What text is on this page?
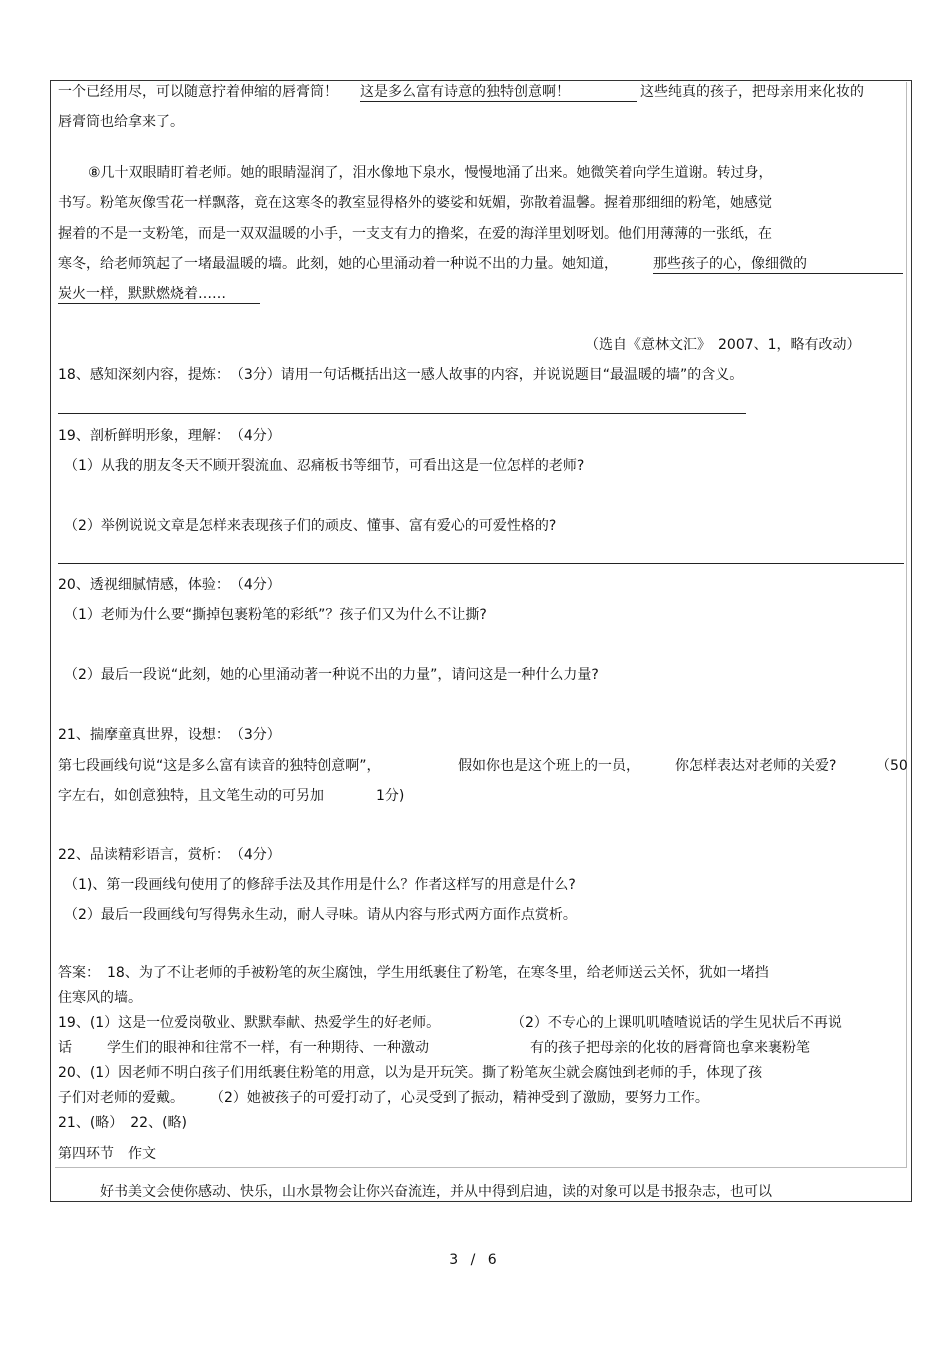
一个已经用尽，可以随意拧着伸缩的唇膏筒！ 这是多么富有诗意的独特创意啊！	这些纯真的孩子，把母亲用来化妆的
唇膏筒也给拿来了。
⑧几十双眼睛盯着老师。她的眼睛湿润了，泪水像地下泉水，慢慢地涌了出来。她微笑着向学生道谢。转过身，
书写。粉笔灰像雪花一样飘落，竟在这寒冬的教室显得格外的婆娑和妩媚，弥散着温馨。握着那细细的粉笔，她感觉
握着的不是一支粉笔，而是一双双温暖的小手，一支支有力的撸桨，在爱的海洋里划呀划。他们用薄薄的一张纸，在
寒冬，给老师筑起了一堵最温暖的墙。此刻，她的心里涌动着一种说不出的力量。她知道，	那些孩子的心，像细微的
炭火一样，默默燃烧着……
（选自《意林文汇》　2007、1，略有改动）
18、感知深刻内容，提炼：　（3分）请用一句话概括出这一感人故事的内容，并说说题目“最温暖的墙”的含义。
19、剖析鲜明形象，理解：　（4分）
（1）从我的朋友冬天不顾开裂流血、忍痛板书等细节，可看出这是一位怎样的老师?
（2）举例说说文章是怎样来表现孩子们的顽皮、懂事、富有爱心的可爱性格的?
20、透视细腻情感，体验：　（4分）
（1）老师为什么要“撕掉包裹粉笔的彩纸”？孩子们又为什么不让撕?
（2）最后一段说“此刻，她的心里涌动著一种说不出的力量”，请问这是一种什么力量?
21、揣摩童真世界，设想：　（3分）
第七段画线句说“这是多么富有读音的独特创意啊”，	假如你也是这个班上的一员，	你怎样表达对老师的关爱?	（50
字左右，如创意独特，且文笔生动的可另加	1分)
22、品读精彩语言，赏析：　（4分）
（1)、第一段画线句使用了的修辞手法及其作用是什么？作者这样写的用意是什么?
（2）最后一段画线句写得隽永生动，耐人寻味。请从内容与形式两方面作点赏析。
答案：　18、为了不让老师的手被粉笔的灰尘腐蚀，学生用纸裹住了粉笔，在寒冬里，给老师送云关怀，犹如一堵挡
住寒风的墙。
19、(1）这是一位爱岗敬业、默默奉献、热爱学生的好老师。	（2）不专心的上课叽叽喳喳说话的学生见状后不再说
话	学生们的眼神和往常不一样，有一种期待、一种激动	有的孩子把母亲的化妆的唇膏筒也拿来裹粉笔
20、(1）因老师不明白孩子们用纸裹住粉笔的用意，以为是开玩笑。撕了粉笔灰尘就会腐蚀到老师的手，体现了孩
子们对老师的爱戴。 （2）她被孩子的可爱打动了，心灵受到了振动，精神受到了激励，要努力工作。
21、(略）　22、(略)
第四环节　作文
好书美文会使你感动、快乐，山水景物会让你兴奋流连，并从中得到启迪，读的对象可以是书报杂志，也可以
3 / 6
